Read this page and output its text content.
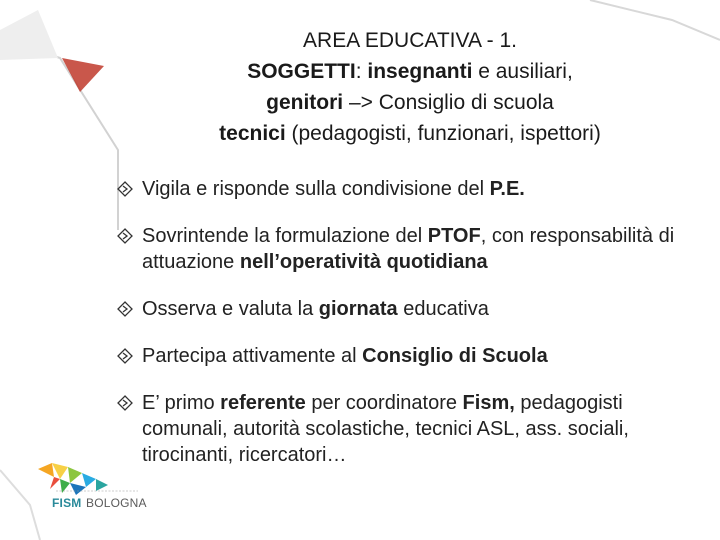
AREA EDUCATIVA - 1.
SOGGETTI: insegnanti e ausiliari,
genitori –> Consiglio di scuola
tecnici (pedagogisti, funzionari, ispettori)
Vigila e risponde sulla condivisione del P.E.
Sovrintende la formulazione del PTOF, con responsabilità di attuazione nell’operatività quotidiana
Osserva e valuta la giornata educativa
Partecipa attivamente al Consiglio di Scuola
E’ primo referente per coordinatore Fism, pedagogisti comunali, autorità scolastiche, tecnici ASL, ass. sociali, tirocinanti, ricercatori…
FISM BOLOGNA
